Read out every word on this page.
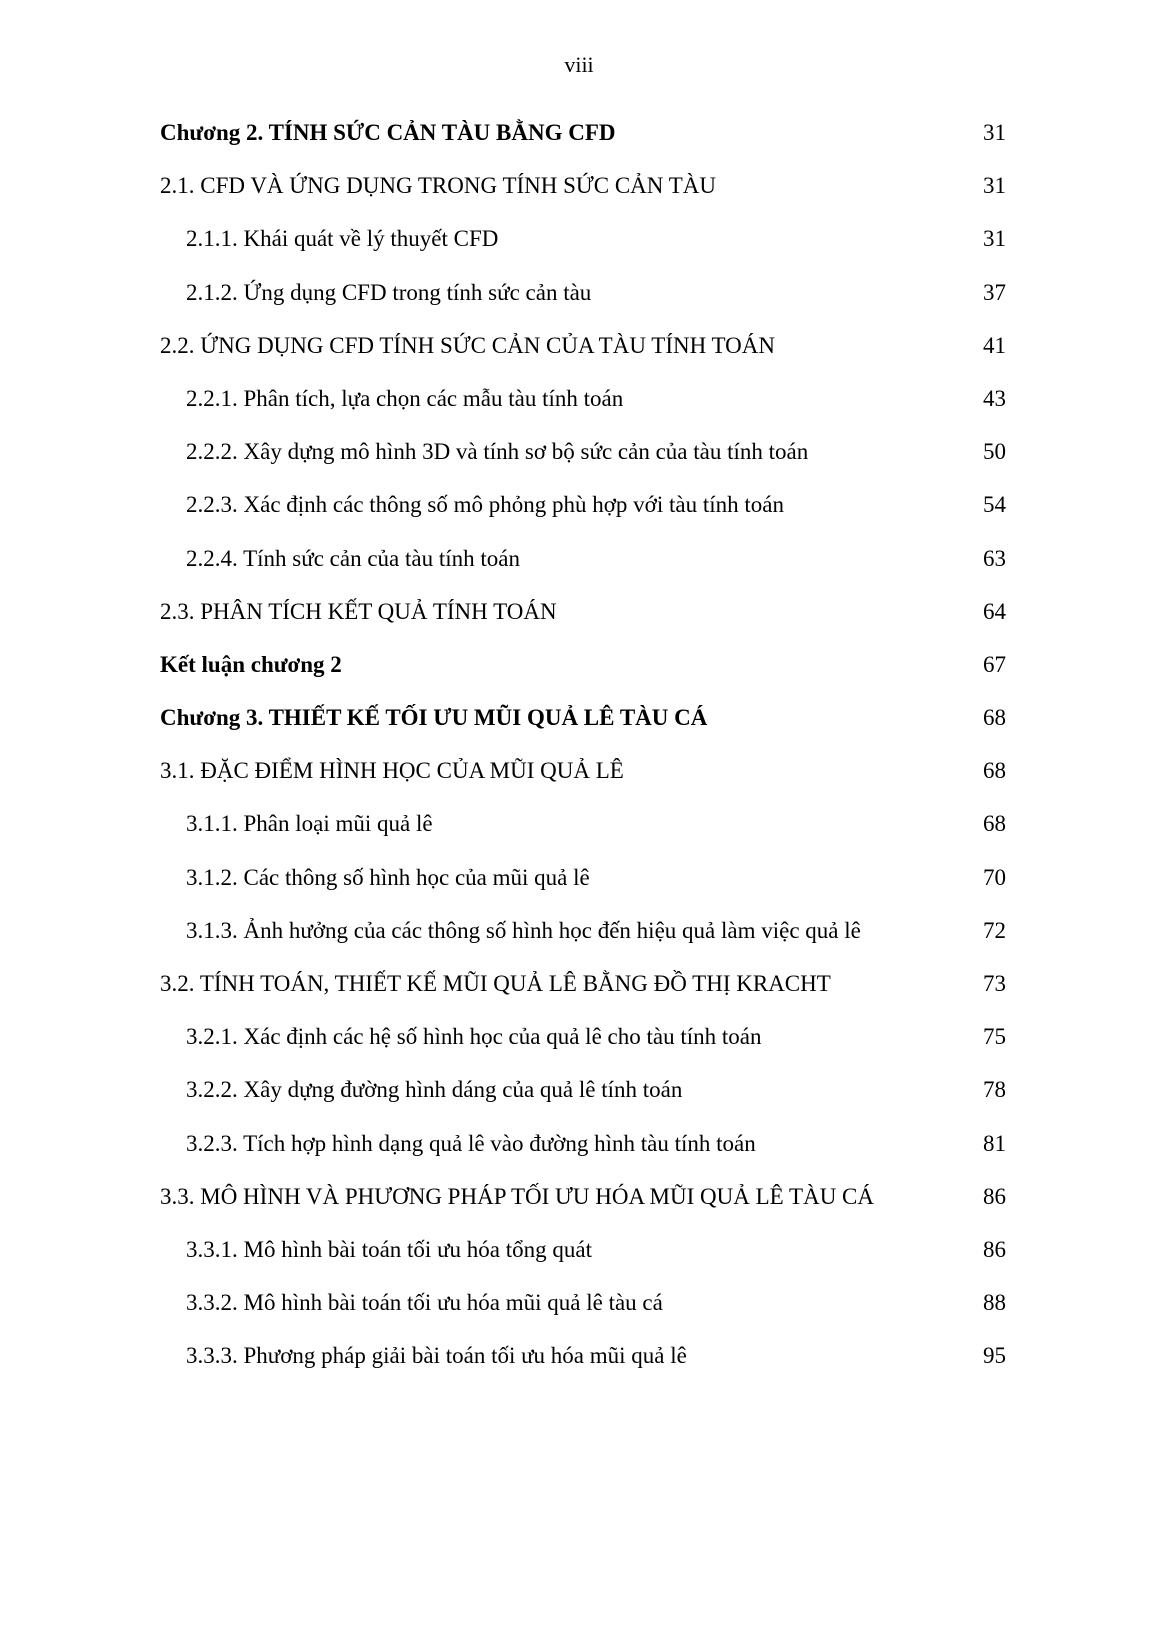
viii
Chương 2. TÍNH SỨC CẢN TÀU BẰNG CFD	31
2.1. CFD VÀ ỨNG DỤNG TRONG TÍNH SỨC CẢN TÀU	31
2.1.1. Khái quát về lý thuyết CFD	31
2.1.2. Ứng dụng CFD trong tính sức cản tàu	37
2.2. ỨNG DỤNG CFD TÍNH SỨC CẢN CỦA TÀU TÍNH TOÁN	41
2.2.1. Phân tích, lựa chọn các mẫu tàu tính toán	43
2.2.2. Xây dựng mô hình 3D và tính sơ bộ sức cản của tàu tính toán	50
2.2.3. Xác định các thông số mô phỏng phù hợp với tàu tính toán	54
2.2.4. Tính sức cản của tàu tính toán	63
2.3. PHÂN TÍCH KẾT QUẢ TÍNH TOÁN	64
Kết luận chương 2	67
Chương 3. THIẾT KẾ TỐI ƯU MŨI QUẢ LÊ TÀU CÁ	68
3.1. ĐẶC ĐIỂM HÌNH HỌC CỦA MŨI QUẢ LÊ	68
3.1.1. Phân loại mũi quả lê	68
3.1.2. Các thông số hình học của mũi quả lê	70
3.1.3. Ảnh hưởng của các thông số hình học đến hiệu quả làm việc quả lê	72
3.2. TÍNH TOÁN, THIẾT KẾ MŨI QUẢ LÊ BẰNG ĐỒ THỊ KRACHT	73
3.2.1. Xác định các hệ số hình học của quả lê cho tàu tính toán	75
3.2.2. Xây dựng đường hình dáng của quả lê tính toán	78
3.2.3. Tích hợp hình dạng quả lê vào đường hình tàu tính toán	81
3.3. MÔ HÌNH VÀ PHƯƠNG PHÁP TỐI ƯU HÓA MŨI QUẢ LÊ TÀU CÁ	86
3.3.1. Mô hình bài toán tối ưu hóa tổng quát	86
3.3.2. Mô hình bài toán tối ưu hóa mũi quả lê tàu cá	88
3.3.3. Phương pháp giải bài toán tối ưu hóa mũi quả lê	95
